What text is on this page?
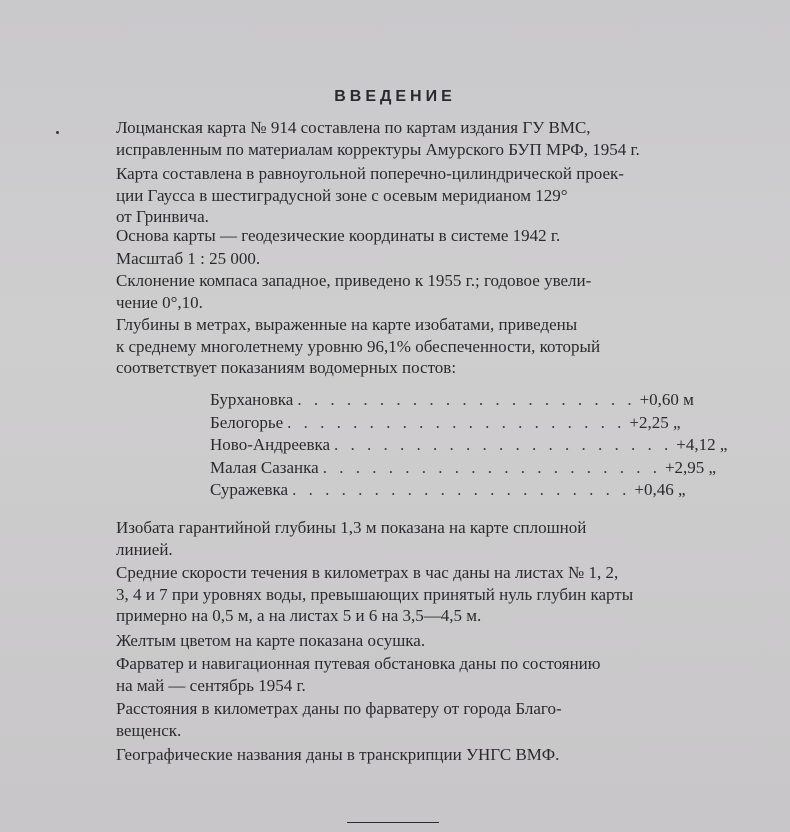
ВВЕДЕНИЕ
Лоцманская карта № 914 составлена по картам издания ГУ ВМС,
исправленным по материалам корректуры Амурского БУП МРФ, 1954 г.
Карта составлена в равноугольной поперечно-цилиндрической проек-
ции Гаусса в шестиградусной зоне с осевым меридианом 129°
от Гринвича.
Основа карты — геодезические координаты в системе 1942 г.
Масштаб 1 : 25 000.
Склонение компаса западное, приведено к 1955 г.; годовое увели-
чение 0°,10.
Глубины в метрах, выраженные на карте изобатами, приведены
к среднему многолетнему уровню 96,1% обеспеченности, который
соответствует показаниям водомерных постов:
Бурхановка . . . . . . . . . . . . . . . . . . . . . +0,60 м
Белогорье . . . . . . . . . . . . . . . . . . . . . +2,25 „
Ново-Андреевка . . . . . . . . . . . . . . . . . . . . . +4,12 „
Малая Сазанка . . . . . . . . . . . . . . . . . . . . . +2,95 „
Суражевка . . . . . . . . . . . . . . . . . . . . . +0,46 „
Изобата гарантийной глубины 1,3 м показана на карте сплошной
линией.
Средние скорости течения в километрах в час даны на листах № 1, 2,
3, 4 и 7 при уровнях воды, превышающих принятый нуль глубин карты
примерно на 0,5 м, а на листах 5 и 6 на 3,5—4,5 м.
Желтым цветом на карте показана осушка.
Фарватер и навигационная путевая обстановка даны по состоянию
на май — сентябрь 1954 г.
Расстояния в километрах даны по фарватеру от города Благо-
вещенск.
Географические названия даны в транскрипции УНГС ВМФ.
